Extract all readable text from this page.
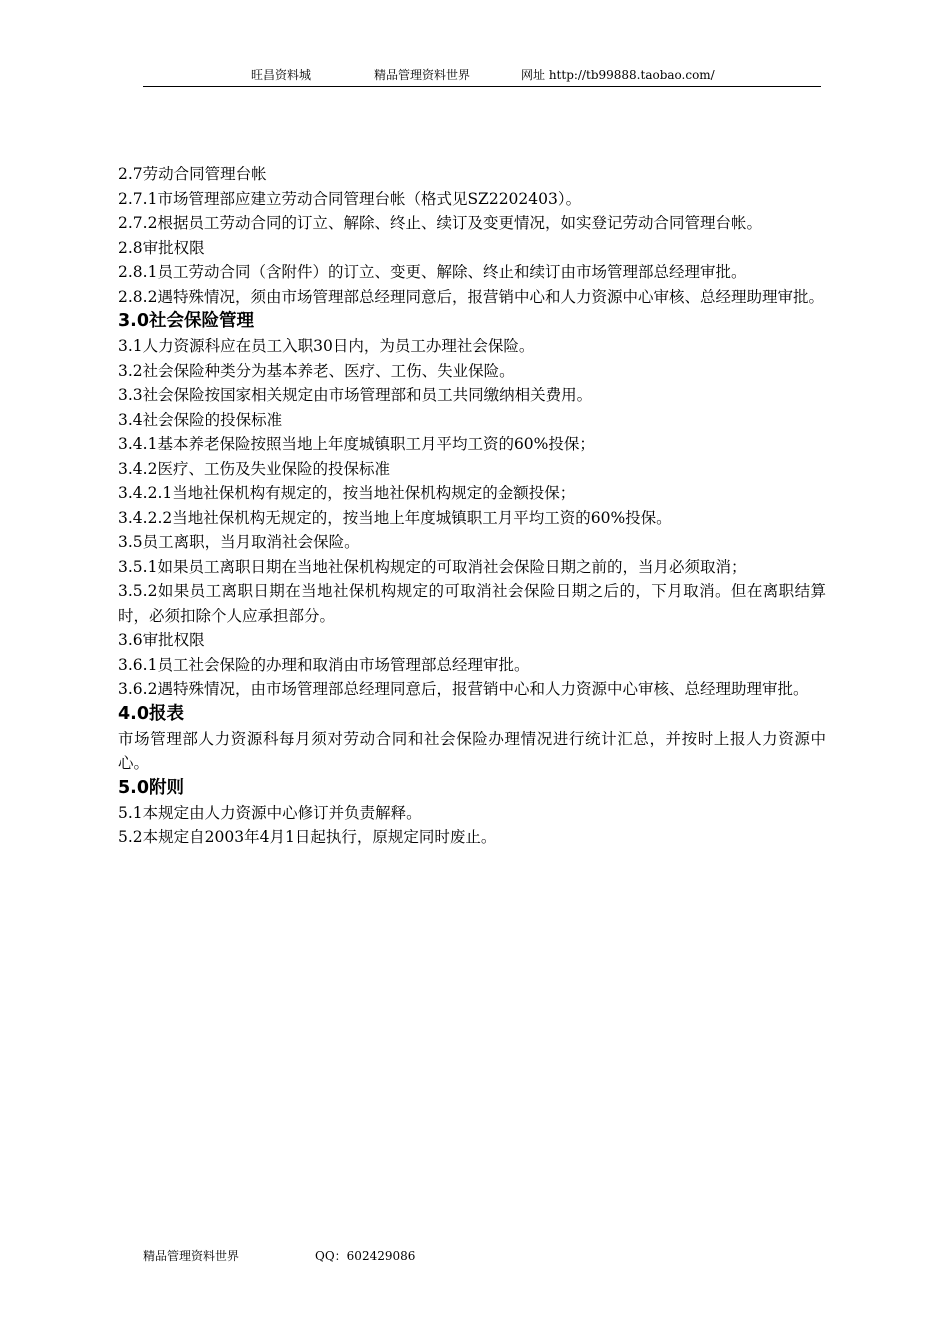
旺昌资料城	精品管理资料世界	网址 http://tb99888.taobao.com/
2.7劳动合同管理台帐
2.7.1市场管理部应建立劳动合同管理台帐（格式见SZ2202403）。
2.7.2根据员工劳动合同的订立、解除、终止、续订及变更情况，如实登记劳动合同管理台帐。
2.8审批权限
2.8.1员工劳动合同（含附件）的订立、变更、解除、终止和续订由市场管理部总经理审批。
2.8.2遇特殊情况，须由市场管理部总经理同意后，报营销中心和人力资源中心审核、总经理助理审批。
3.0社会保险管理
3.1人力资源科应在员工入职30日内，为员工办理社会保险。
3.2社会保险种类分为基本养老、医疗、工伤、失业保险。
3.3社会保险按国家相关规定由市场管理部和员工共同缴纳相关费用。
3.4社会保险的投保标准
3.4.1基本养老保险按照当地上年度城镇职工月平均工资的60%投保；
3.4.2医疗、工伤及失业保险的投保标准
3.4.2.1当地社保机构有规定的，按当地社保机构规定的金额投保；
3.4.2.2当地社保机构无规定的，按当地上年度城镇职工月平均工资的60%投保。
3.5员工离职，当月取消社会保险。
3.5.1如果员工离职日期在当地社保机构规定的可取消社会保险日期之前的，当月必须取消；
3.5.2如果员工离职日期在当地社保机构规定的可取消社会保险日期之后的，下月取消。但在离职结算时，必须扣除个人应承担部分。
3.6审批权限
3.6.1员工社会保险的办理和取消由市场管理部总经理审批。
3.6.2遇特殊情况，由市场管理部总经理同意后，报营销中心和人力资源中心审核、总经理助理审批。
4.0报表
市场管理部人力资源科每月须对劳动合同和社会保险办理情况进行统计汇总，并按时上报人力资源中心。
5.0附则
5.1本规定由人力资源中心修订并负责解释。
5.2本规定自2003年4月1日起执行，原规定同时废止。
精品管理资料世界	QQ：602429086
